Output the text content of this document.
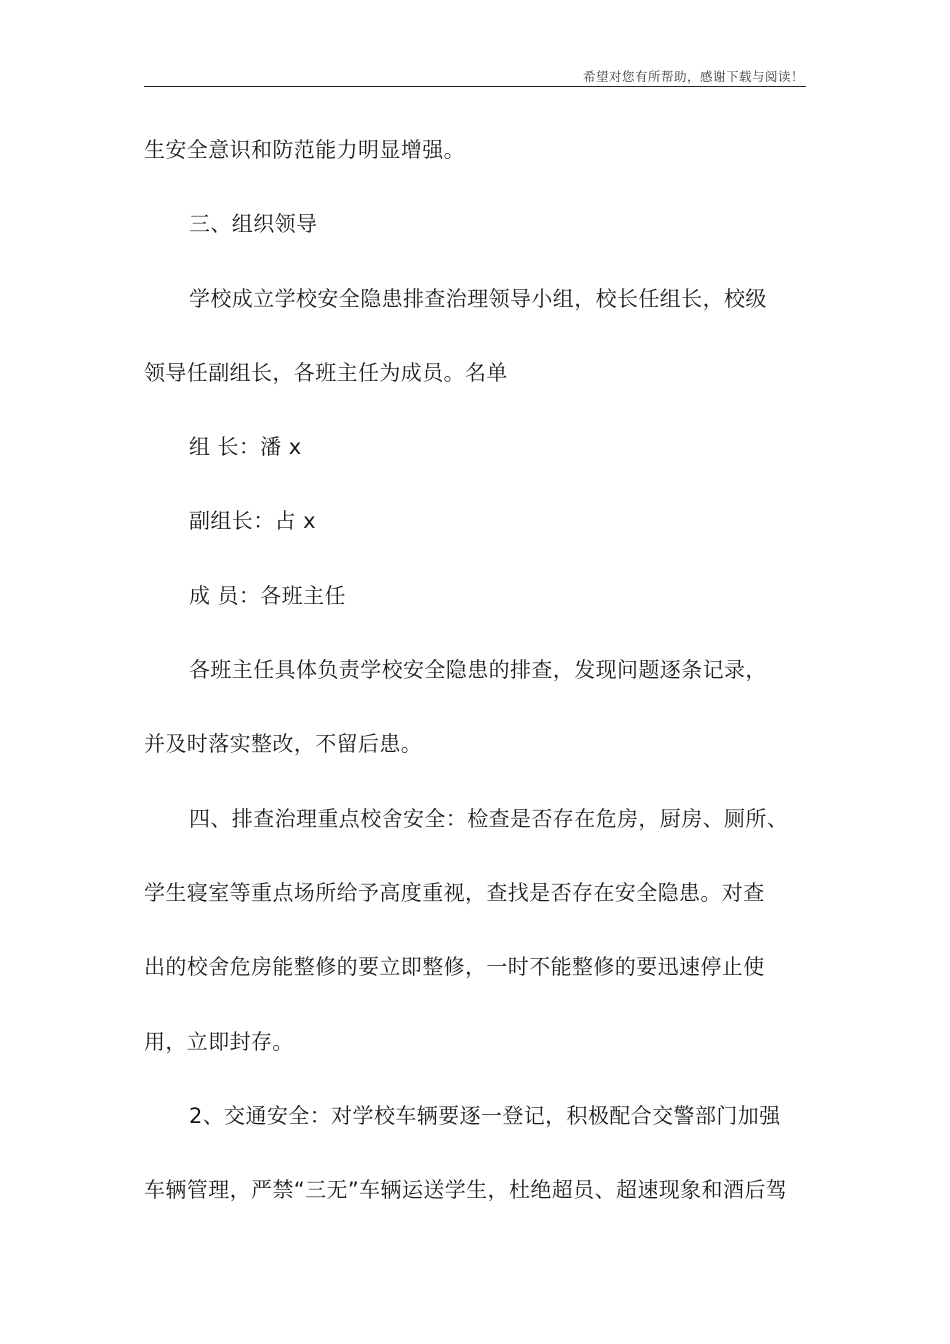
希望对您有所帮助，感谢下载与阅读！
生安全意识和防范能力明显增强。
三、组织领导
学校成立学校安全隐患排查治理领导小组，校长任组长，校级
领导任副组长，各班主任为成员。名单
组 长：潘 x
副组长：占 x
成 员：各班主任
各班主任具体负责学校安全隐患的排查，发现问题逐条记录，
并及时落实整改，不留后患。
四、排查治理重点校舍安全：检查是否存在危房，厨房、厕所、
学生寝室等重点场所给予高度重视，查找是否存在安全隐患。对查
出的校舍危房能整修的要立即整修，一时不能整修的要迅速停止使
用，立即封存。
2、交通安全：对学校车辆要逐一登记，积极配合交警部门加强
车辆管理，严禁“三无”车辆运送学生，杜绝超员、超速现象和酒后驾
